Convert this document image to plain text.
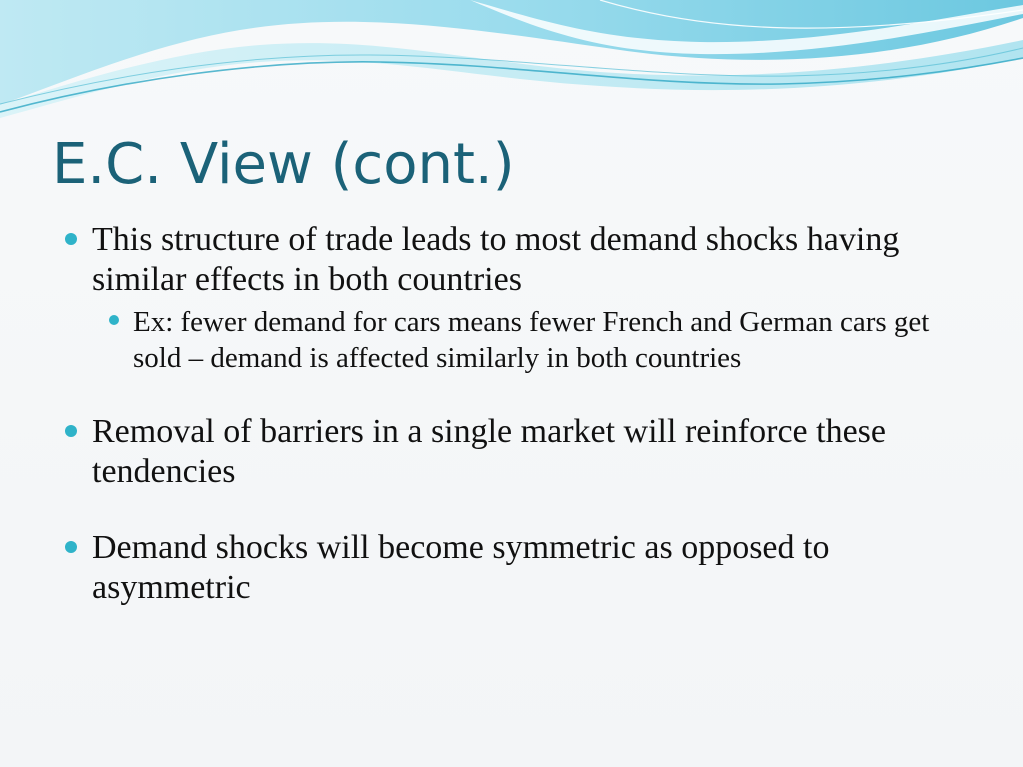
E.C. View (cont.)
This structure of trade leads to most demand shocks having similar effects in both countries
Ex: fewer demand for cars means fewer French and German cars get sold – demand is affected similarly in both countries
Removal of barriers in a single market will reinforce these tendencies
Demand shocks will become symmetric as opposed to asymmetric
